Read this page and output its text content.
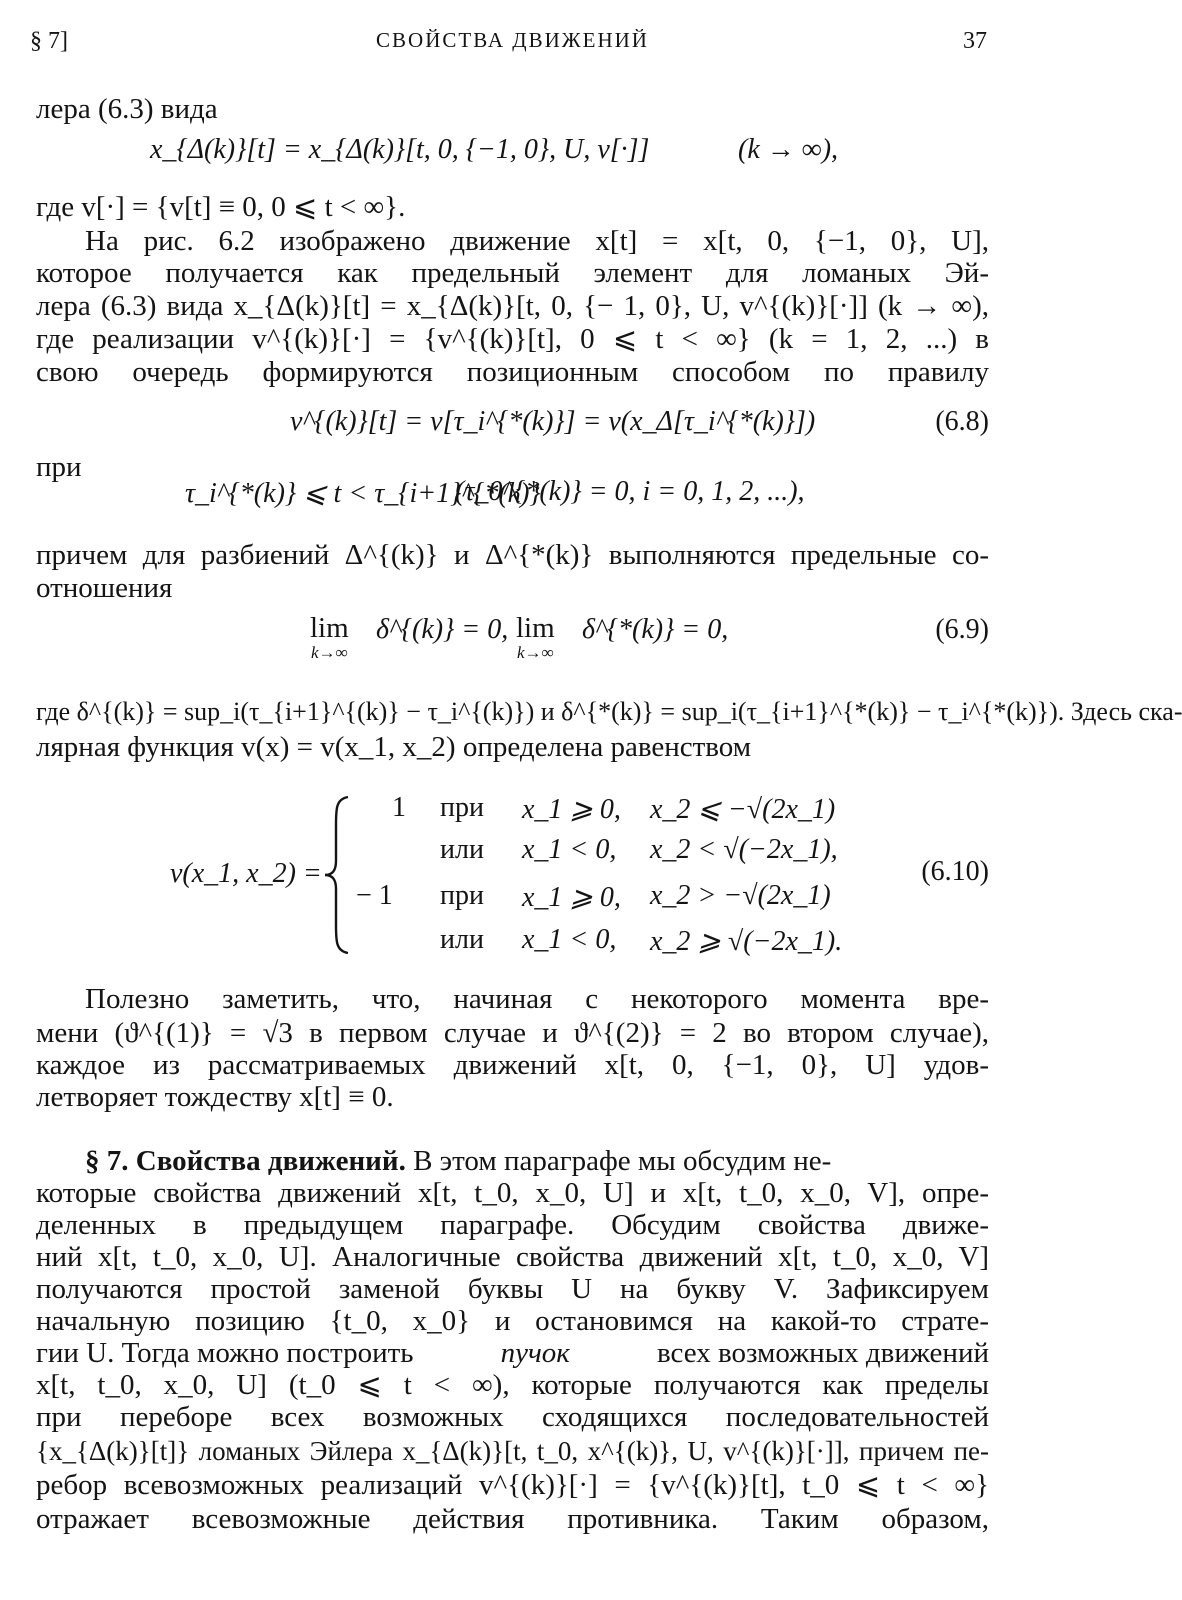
§ 7]	СВОЙСТВА ДВИЖЕНИЙ	37
лера (6.3) вида
x_{Δ(k)}[t] = x_{Δ(k)}[t, 0, {−1, 0}, U, v[·]]	(k → ∞),
где v[·] = {v[t] ≡ 0, 0 ⩽ t < ∞}.
На рис. 6.2 изображено движение x[t] = x[t, 0, {−1, 0}, U],
которое получается как предельный элемент для ломаных Эй-
лера (6.3) вида x_{Δ(k)}[t] = x_{Δ(k)}[t, 0, {− 1, 0}, U, v^{(k)}[·]] (k → ∞),
где реализации v^{(k)}[·] = {v^{(k)}[t], 0 ⩽ t < ∞} (k = 1, 2, ...) в
свою очередь формируются позиционным способом по правилу
v^{(k)}[t] = v[τ_i^{*(k)}] = v(x_Δ[τ_i^{*(k)}])	(6.8)
при
τ_i^{*(k)} ⩽ t < τ_{i+1}^{*(k)}
(τ_0^{*(k)} = 0, i = 0, 1, 2, ...),
причем для разбиений Δ^{(k)} и Δ^{*(k)} выполняются предельные со-
отношения
lim
k→∞
δ^{(k)} = 0, lim
k→∞
δ^{*(k)} = 0,	(6.9)
где δ^{(k)} = sup_i(τ_{i+1}^{(k)} − τ_i^{(k)}) и δ^{*(k)} = sup_i(τ_{i+1}^{*(k)} − τ_i^{*(k)}). Здесь ска-
лярная функция v(x) = v(x_1, x_2) определена равенством
v(x_1, x_2) =
1 при x_1 ⩾ 0, x_2 ⩽ −√(2x_1)
или x_1 < 0, x_2 < √(−2x_1),
− 1 при x_1 ⩾ 0, x_2 > −√(2x_1)
или x_1 < 0, x_2 ⩾ √(−2x_1).
(6.10)
Полезно заметить, что, начиная с некоторого момента вре-
мени (ϑ^{(1)} = √3 в первом случае и ϑ^{(2)} = 2 во втором случае),
каждое из рассматриваемых движений x[t, 0, {−1, 0}, U] удов-
летворяет тождеству x[t] ≡ 0.
§ 7. Свойства движений. В этом параграфе мы обсудим не-
которые свойства движений x[t, t_0, x_0, U] и x[t, t_0, x_0, V], опре-
деленных в предыдущем параграфе. Обсудим свойства движе-
ний x[t, t_0, x_0, U]. Аналогичные свойства движений x[t, t_0, x_0, V]
получаются простой заменой буквы U на букву V. Зафиксируем
начальную позицию {t_0, x_0} и остановимся на какой-то страте-
гии U. Тогда можно построить	пучок	всех возможных движений
x[t, t_0, x_0, U] (t_0 ⩽ t < ∞), которые получаются как пределы
при переборе всех возможных сходящихся последовательностей
{x_{Δ(k)}[t]} ломаных Эйлера x_{Δ(k)}[t, t_0, x^{(k)}, U, v^{(k)}[·]], причем пе-
ребор всевозможных реализаций v^{(k)}[·] = {v^{(k)}[t], t_0 ⩽ t < ∞}
отражает всевозможные действия противника. Таким образом,
